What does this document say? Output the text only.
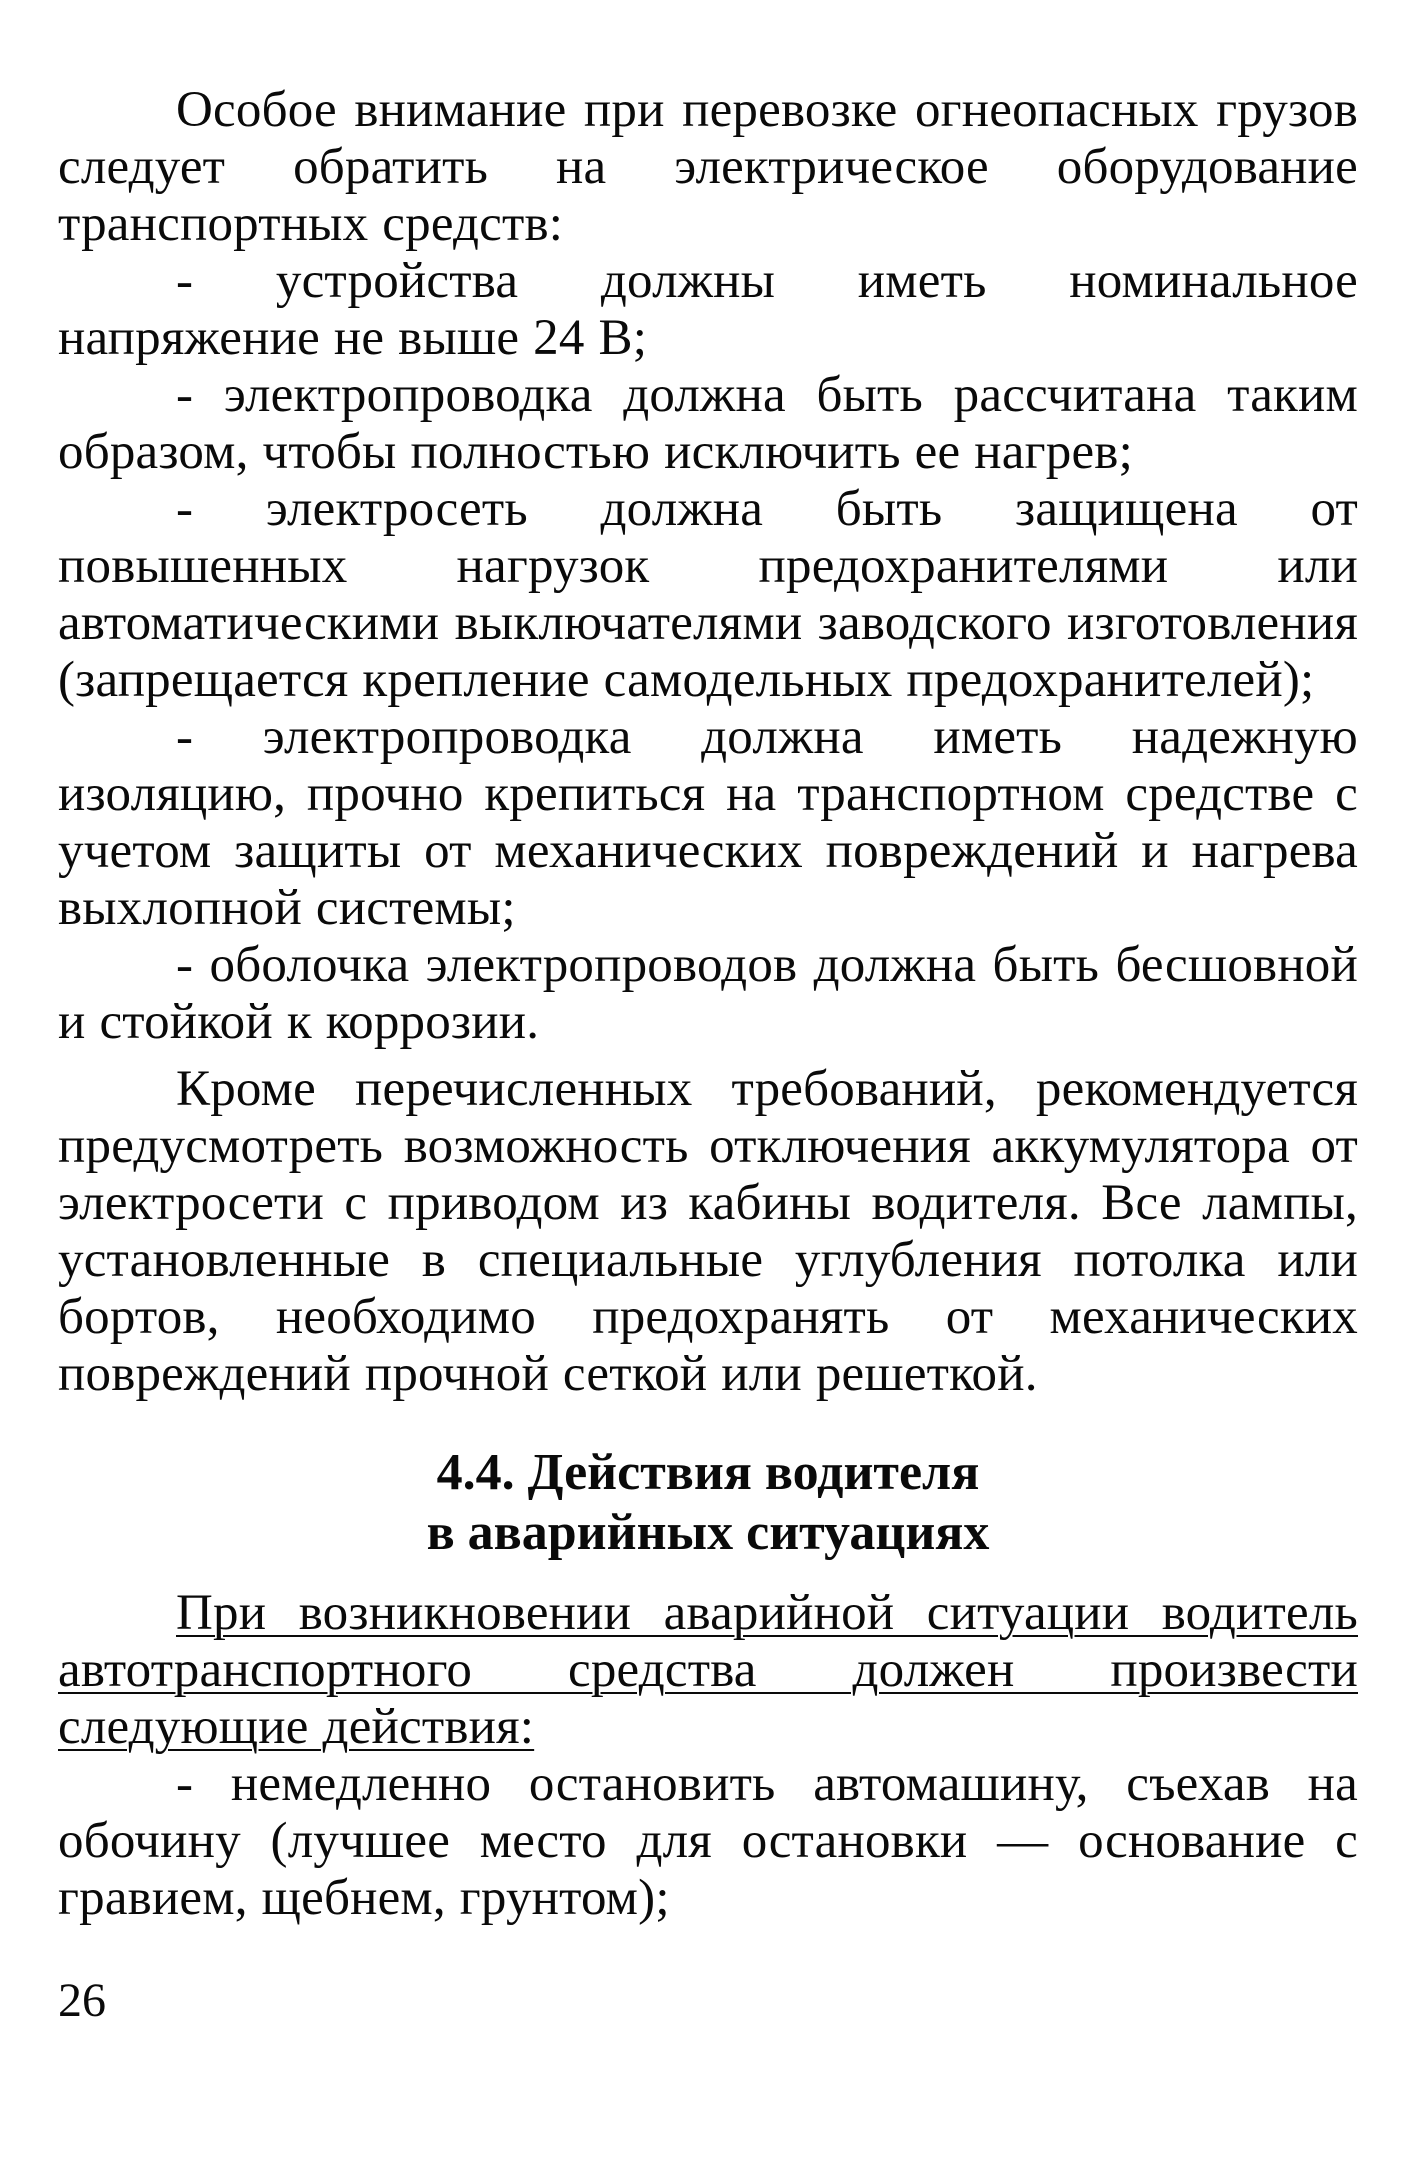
Особое внимание при перевозке огнеопасных грузов следует обратить на электрическое оборудование транспортных средств:

- устройства должны иметь номинальное напряжение не выше 24 В;

- электропроводка должна быть рассчитана таким образом, чтобы полностью исключить ее нагрев;

- электросеть должна быть защищена от повышенных нагрузок предохранителями или автоматическими выключателями заводского изготовления (запрещается крепление самодельных предохранителей);

- электропроводка должна иметь надежную изоляцию, прочно крепиться на транспортном средстве с учетом защиты от механических повреждений и нагрева выхлопной системы;

- оболочка электропроводов должна быть бесшовной и стойкой к коррозии.

Кроме перечисленных требований, рекомендуется предусмотреть возможность отключения аккумулятора от электросети с приводом из кабины водителя. Все лампы, установленные в специальные углубления потолка или бортов, необходимо предохранять от механических повреждений прочной сеткой или решеткой.

4.4. Действия водителя
в аварийных ситуациях

При возникновении аварийной ситуации водитель автотранспортного средства должен произвести следующие действия:

- немедленно остановить автомашину, съехав на обочину (лучшее место для остановки — основание с гравием, щебнем, грунтом);

26
